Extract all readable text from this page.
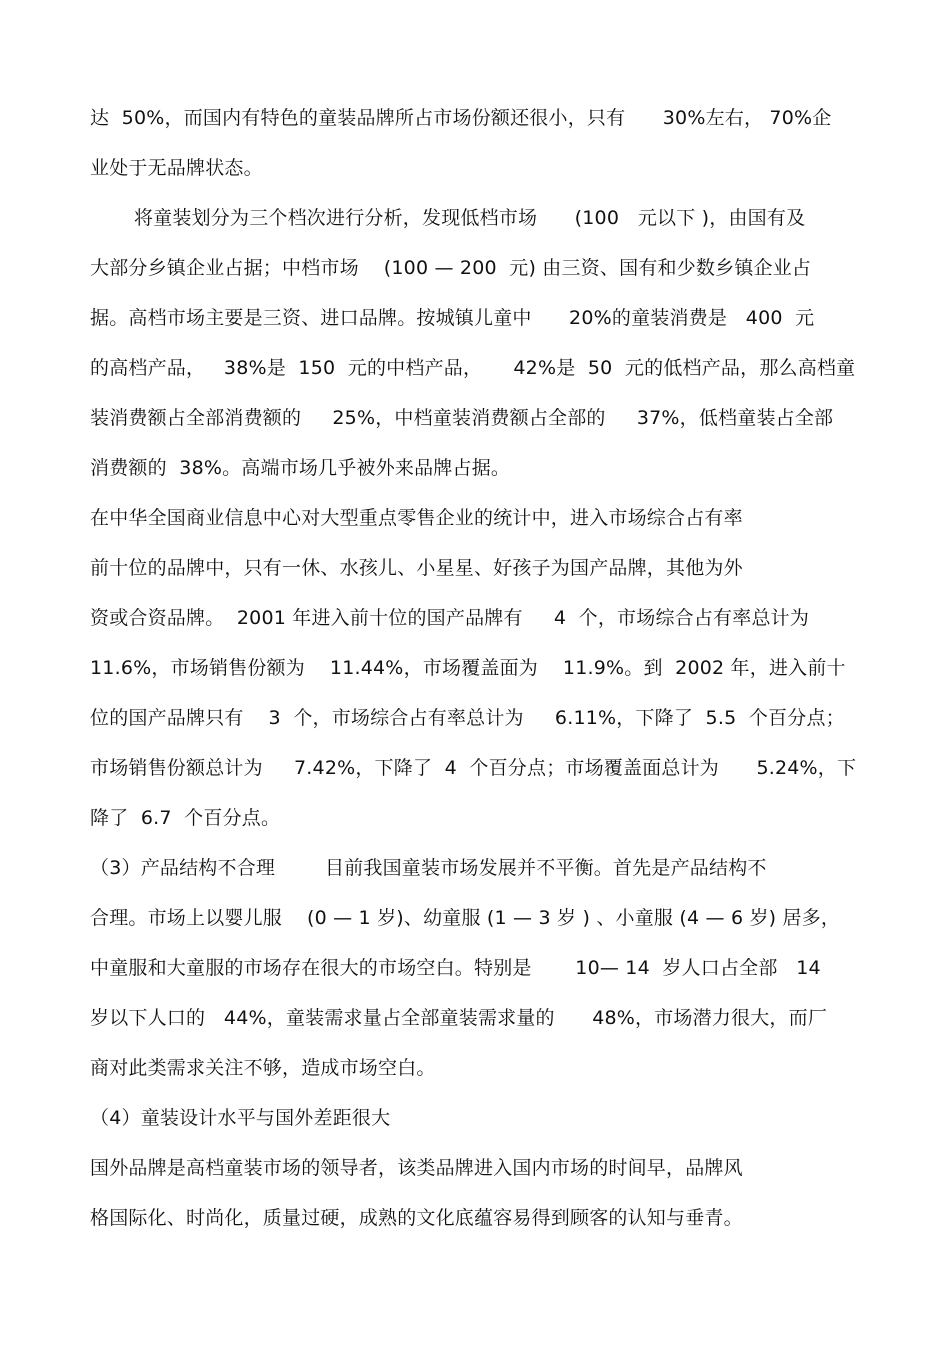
达  50%，而国内有特色的童装品牌所占市场份额还很小，只有      30%左右， 70%企
业处于无品牌状态。
将童装划分为三个档次进行分析，发现低档市场      (100   元以下 )，由国有及
大部分乡镇企业占据；中档市场    (100 — 200  元) 由三资、国有和少数乡镇企业占
据。高档市场主要是三资、进口品牌。按城镇儿童中      20%的童装消费是   400  元
的高档产品，   38%是  150  元的中档产品，     42%是  50  元的低档产品，那么高档童
装消费额占全部消费额的     25%，中档童装消费额占全部的     37%，低档童装占全部
消费额的  38%。高端市场几乎被外来品牌占据。
在中华全国商业信息中心对大型重点零售企业的统计中，进入市场综合占有率
前十位的品牌中，只有一休、水孩儿、小星星、好孩子为国产品牌，其他为外
资或合资品牌。  2001 年进入前十位的国产品牌有     4  个，市场综合占有率总计为
11.6%，市场销售份额为    11.44%，市场覆盖面为    11.9%。到  2002 年，进入前十
位的国产品牌只有    3  个，市场综合占有率总计为     6.11%，下降了  5.5  个百分点；
市场销售份额总计为     7.42%，下降了  4  个百分点；市场覆盖面总计为      5.24%，下
降了  6.7  个百分点。
（3）产品结构不合理        目前我国童装市场发展并不平衡。首先是产品结构不
合理。市场上以婴儿服    (0 — 1 岁)、幼童服 (1 — 3 岁 ) 、小童服 (4 — 6 岁) 居多，
中童服和大童服的市场存在很大的市场空白。特别是       10— 14  岁人口占全部   14
岁以下人口的   44%，童装需求量占全部童装需求量的      48%，市场潜力很大，而厂
商对此类需求关注不够，造成市场空白。
（4）童装设计水平与国外差距很大
国外品牌是高档童装市场的领导者，该类品牌进入国内市场的时间早，品牌风
格国际化、时尚化，质量过硬，成熟的文化底蕴容易得到顾客的认知与垂青。
